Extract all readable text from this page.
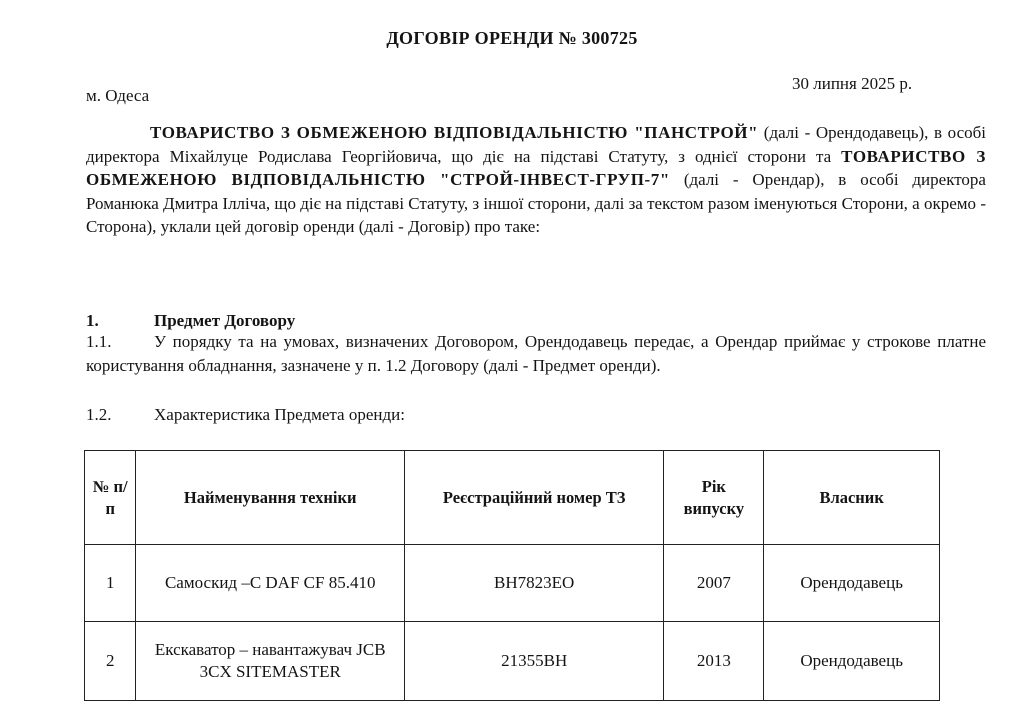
ДОГОВІР ОРЕНДИ № 300725
м. Одеса
30 липня 2025 р.
ТОВАРИСТВО З ОБМЕЖЕНОЮ ВІДПОВІДАЛЬНІСТЮ "ПАНСТРОЙ" (далі - Орендодавець), в особі директора Міхайлуце Родислава Георгійовича, що діє на підставі Статуту, з однієї сторони та ТОВАРИСТВО З ОБМЕЖЕНОЮ ВІДПОВІДАЛЬНІСТЮ "СТРОЙ-ІНВЕСТ-ГРУП-7" (далі - Орендар), в особі директора Романюка Дмитра Ілліча, що діє на підставі Статуту, з іншої сторони, далі за текстом разом іменуються Сторони, а окремо - Сторона), уклали цей договір оренди (далі - Договір) про таке:
1.	Предмет Договору
1.1.	У порядку та на умовах, визначених Договором, Орендодавець передає, а Орендар приймає у строкове платне користування обладнання, зазначене у п. 1.2 Договору (далі - Предмет оренди).
1.2.	Характеристика Предмета оренди:
№ п/п	Найменування техніки	Реєстраційний номер ТЗ	Рік випуску	Власник
1	Самоскид –С DAF CF 85.410	ВН7823ЕО	2007	Орендодавець
2	Екскаватор – навантажувач JCB 3CX SITEMASTER	21355ВН	2013	Орендодавець
